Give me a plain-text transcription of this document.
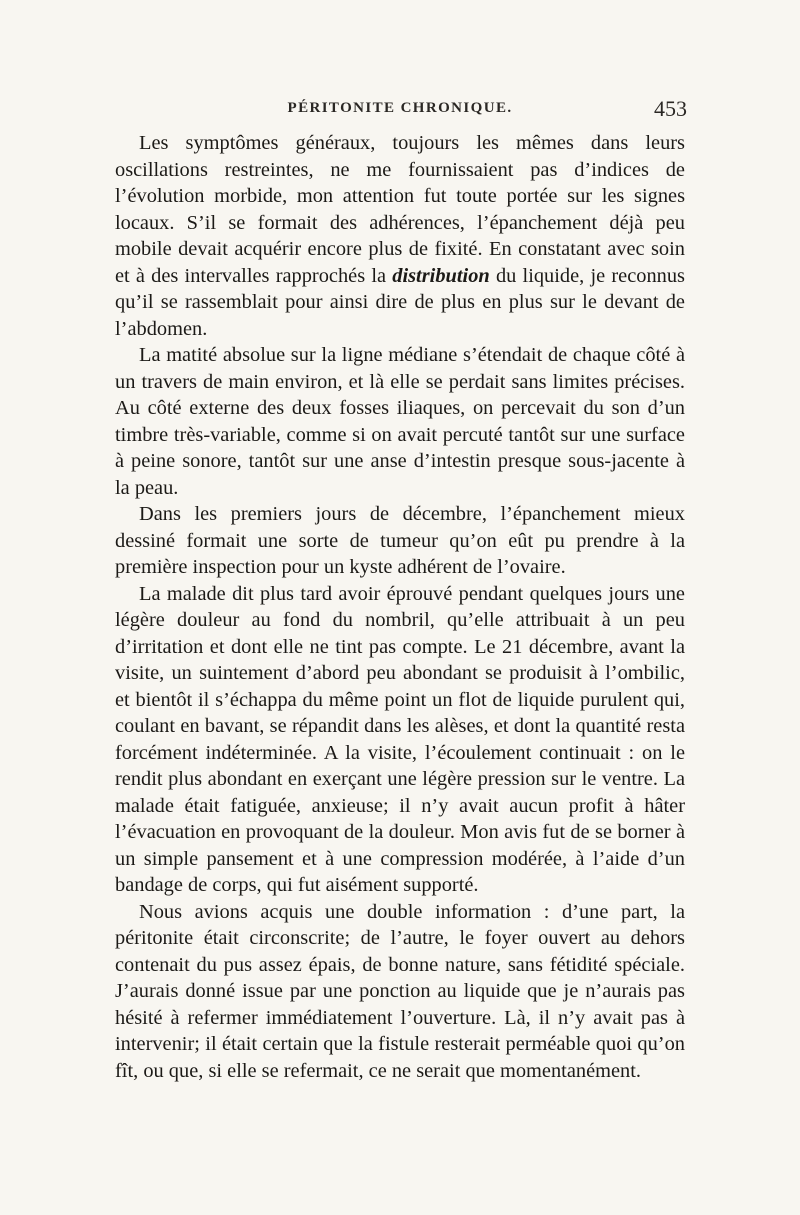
PÉRITONITE CHRONIQUE.	453

Les symptômes généraux, toujours les mêmes dans leurs oscillations restreintes, ne me fournissaient pas d’indices de l’évolution morbide, mon attention fut toute portée sur les signes locaux. S’il se formait des adhérences, l’épanchement déjà peu mobile devait acquérir encore plus de fixité. En constatant avec soin et à des intervalles rapprochés la distribution du liquide, je reconnus qu’il se rassemblait pour ainsi dire de plus en plus sur le devant de l’abdomen.

La matité absolue sur la ligne médiane s’étendait de chaque côté à un travers de main environ, et là elle se perdait sans limites précises. Au côté externe des deux fosses iliaques, on percevait du son d’un timbre très-variable, comme si on avait percuté tantôt sur une surface à peine sonore, tantôt sur une anse d’intestin presque sous-jacente à la peau.

Dans les premiers jours de décembre, l’épanchement mieux dessiné formait une sorte de tumeur qu’on eût pu prendre à la première inspection pour un kyste adhérent de l’ovaire.

La malade dit plus tard avoir éprouvé pendant quelques jours une légère douleur au fond du nombril, qu’elle attribuait à un peu d’irritation et dont elle ne tint pas compte. Le 21 décembre, avant la visite, un suintement d’abord peu abondant se produisit à l’ombilic, et bientôt il s’échappa du même point un flot de liquide purulent qui, coulant en bavant, se répandit dans les alèses, et dont la quantité resta forcément indéterminée. A la visite, l’écoulement continuait : on le rendit plus abondant en exerçant une légère pression sur le ventre. La malade était fatiguée, anxieuse; il n’y avait aucun profit à hâter l’évacuation en provoquant de la douleur. Mon avis fut de se borner à un simple pansement et à une compression modérée, à l’aide d’un bandage de corps, qui fut aisément supporté.

Nous avions acquis une double information : d’une part, la péritonite était circonscrite; de l’autre, le foyer ouvert au dehors contenait du pus assez épais, de bonne nature, sans fétidité spéciale. J’aurais donné issue par une ponction au liquide que je n’aurais pas hésité à refermer immédiatement l’ouverture. Là, il n’y avait pas à intervenir; il était certain que la fistule resterait perméable quoi qu’on fît, ou que, si elle se refermait, ce ne serait que momentanément.
